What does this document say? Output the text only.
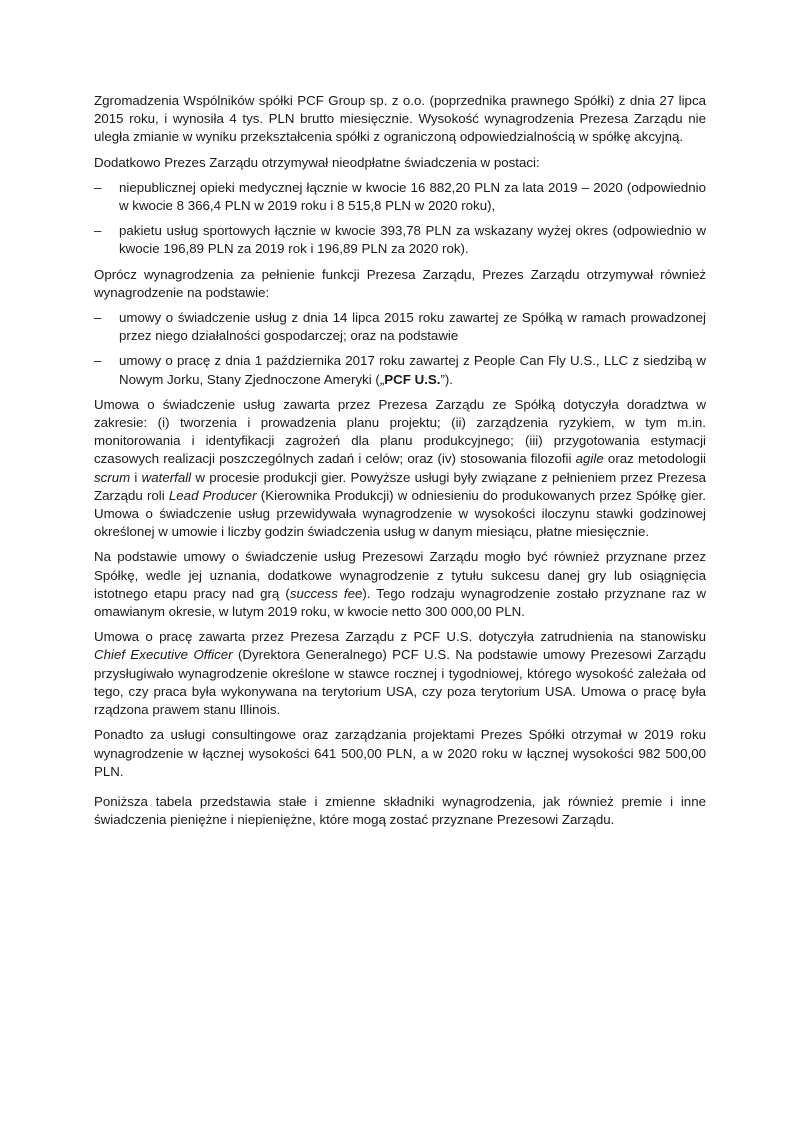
Zgromadzenia Wspólników spółki PCF Group sp. z o.o. (poprzednika prawnego Spółki) z dnia 27 lipca 2015 roku, i wynosiła 4 tys. PLN brutto miesięcznie. Wysokość wynagrodzenia Prezesa Zarządu nie uległa zmianie w wyniku przekształcenia spółki z ograniczoną odpowiedzialnością w spółkę akcyjną.

Dodatkowo Prezes Zarządu otrzymywał nieodpłatne świadczenia w postaci:

– niepublicznej opieki medycznej łącznie w kwocie 16 882,20 PLN za lata 2019 – 2020 (odpowiednio w kwocie 8 366,4 PLN w 2019 roku i 8 515,8 PLN w 2020 roku),
– pakietu usług sportowych łącznie w kwocie 393,78 PLN za wskazany wyżej okres (odpowiednio w kwocie 196,89 PLN za 2019 rok i 196,89 PLN za 2020 rok).

Oprócz wynagrodzenia za pełnienie funkcji Prezesa Zarządu, Prezes Zarządu otrzymywał również wynagrodzenie na podstawie:

– umowy o świadczenie usług z dnia 14 lipca 2015 roku zawartej ze Spółką w ramach prowadzonej przez niego działalności gospodarczej; oraz na podstawie
– umowy o pracę z dnia 1 października 2017 roku zawartej z People Can Fly U.S., LLC z siedzibą w Nowym Jorku, Stany Zjednoczone Ameryki („PCF U.S.”).

Umowa o świadczenie usług zawarta przez Prezesa Zarządu ze Spółką dotyczyła doradztwa w zakresie: (i) tworzenia i prowadzenia planu projektu; (ii) zarządzenia ryzykiem, w tym m.in. monitorowania i identyfikacji zagrożeń dla planu produkcyjnego; (iii) przygotowania estymacji czasowych realizacji poszczególnych zadań i celów; oraz (iv) stosowania filozofii agile oraz metodologii scrum i waterfall w procesie produkcji gier. Powyższe usługi były związane z pełnieniem przez Prezesa Zarządu roli Lead Producer (Kierownika Produkcji) w odniesieniu do produkowanych przez Spółkę gier. Umowa o świadczenie usług przewidywała wynagrodzenie w wysokości iloczynu stawki godzinowej określonej w umowie i liczby godzin świadczenia usług w danym miesiącu, płatne miesięcznie.

Na podstawie umowy o świadczenie usług Prezesowi Zarządu mogło być również przyznane przez Spółkę, wedle jej uznania, dodatkowe wynagrodzenie z tytułu sukcesu danej gry lub osiągnięcia istotnego etapu pracy nad grą (success fee). Tego rodzaju wynagrodzenie zostało przyznane raz w omawianym okresie, w lutym 2019 roku, w kwocie netto 300 000,00 PLN.

Umowa o pracę zawarta przez Prezesa Zarządu z PCF U.S. dotyczyła zatrudnienia na stanowisku Chief Executive Officer (Dyrektora Generalnego) PCF U.S. Na podstawie umowy Prezesowi Zarządu przysługiwało wynagrodzenie określone w stawce rocznej i tygodniowej, którego wysokość zależała od tego, czy praca była wykonywana na terytorium USA, czy poza terytorium USA. Umowa o pracę była rządzona prawem stanu Illinois.

Ponadto za usługi consultingowe oraz zarządzania projektami Prezes Spółki otrzymał w 2019 roku wynagrodzenie w łącznej wysokości 641 500,00 PLN, a w 2020 roku w łącznej wysokości 982 500,00 PLN.

Poniższa tabela przedstawia stałe i zmienne składniki wynagrodzenia, jak również premie i inne świadczenia pieniężne i niepieniężne, które mogą zostać przyznane Prezesowi Zarządu.
